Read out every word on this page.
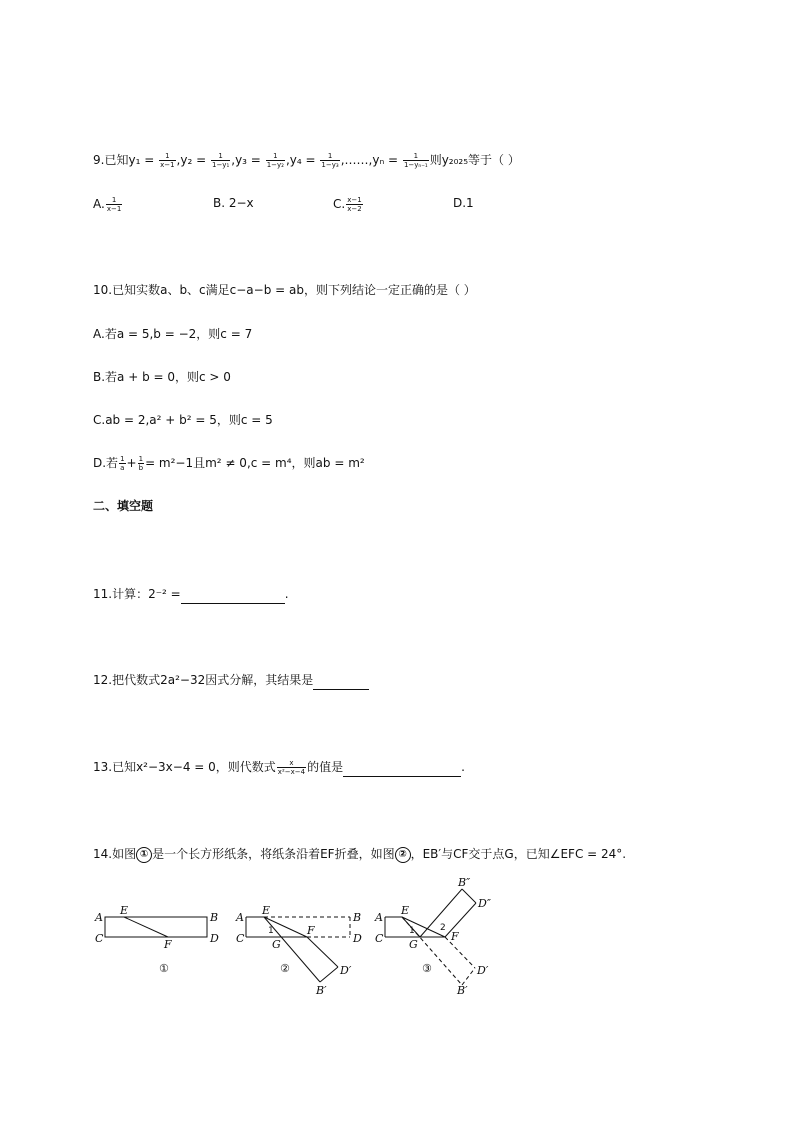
9.已知$y_1 = \frac{1}{x-1} ,y_2 = \frac{1}{\text{1−y₁}} ,y_3 = \frac{1}{\text{1−y₂}} ,y_4 = \frac{1}{\text{1−y₃}}$ ,……,yₙ = $\frac{1}{\text{1−yₙ₋₁}}$ 则y₂₀₂₅等于（ ）
A. $\frac{1}{x-1}$	B. 2−x	C. $\frac{x-1}{x-2}$	D.1
10.已知实数a、b、c满足c−a−b = ab，则下列结论一定正确的是（ ）
A.若a = 5,b = −2，则c = 7
B.若a + b = 0，则c > 0
C.ab = 2,a² + b² = 5，则c = 5
D.若 $\frac{1}{a} + \frac{1}{b} = m^2-1$且m² ≠ 0,c = m⁴，则ab = m²
二、填空题
11.计算：2⁻² =	.
12.把代数式2a²−32因式分解，其结果是
13.已知x²−3x−4 = 0，则代数式 $\frac{x}{\text{x²−x−4}}$ 的值是	.
14.如图 ① 是一个长方形纸条，将纸条沿着EF折叠，如图 ② ，EB′与CF交于点G，已知∠EFC = 24°.
A
C
E
B
D
F
①
A
C
E
B
D
F
G
1
D′
B′
②
A
C
E
F
G
1	2
B″
D″
D′
B′
③
